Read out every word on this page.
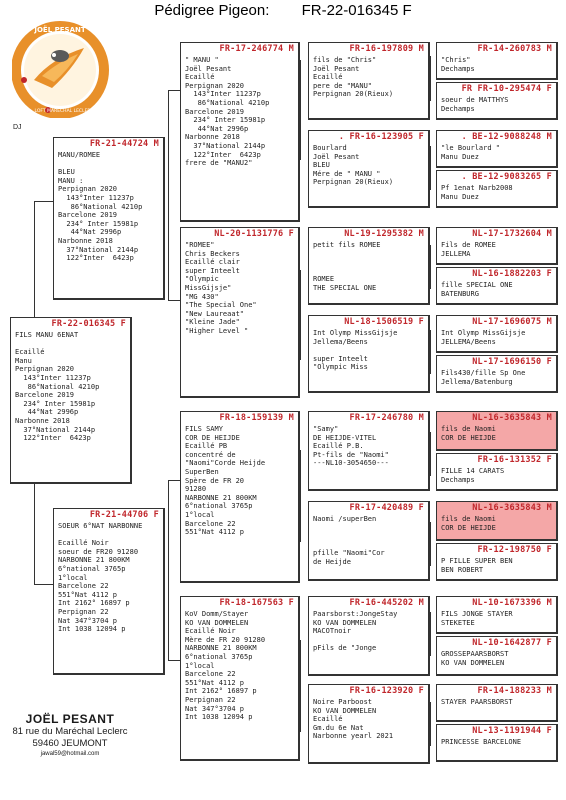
Pédigree Pigeon: FR-22-016345 F
JOËL PESANT
LOFT MARÉCHAL LECLERC
DJ
FR-22-016345 F
FILS MANU 6ENAT

Ecaillé
Manu
Perpignan 2020
143°Inter 11237p
86°National 4210p
Barcelone 2019
234° Inter 15981p
44°Nat 2996p
Narbonne 2018
37°National 2144p
122°Inter  6423p
FR-21-44724 M
MANU/ROMEE

BLEU
MANU :
Perpignan 2020
143°Inter 11237p
86°National 4210p
Barcelone 2019
234° Inter 15981p
44°Nat 2996p
Narbonne 2018
37°National 2144p
122°Inter  6423p
FR-21-44706 F
SOEUR 6°NAT NARBONNE

Ecaillé Noir
soeur de FR20 91280
NARBONNE 21 800KM
6°national 3765p
1°local
Barcelone 22
551°Nat 4112 p
Int 2162° 16897 p
Perpignan 22
Nat 347°3704 p
Int 1038 12094 p
FR-17-246774 M
" MANU "
Joël Pesant
Ecaillé
Perpignan 2020
143°Inter 11237p
86°National 4210p
Barcelone 2019
234° Inter 15981p
44°Nat 2996p
Narbonne 2018
37°National 2144p
122°Inter  6423p
frere de "MANU2"
NL-20-1131776 F
"ROMEE"
Chris Beckers
Ecaillé clair
super Inteelt
"Olympic
MissGijsje"
"MG 430"
"The Special One"
"New Laureaat"
"Kleine Jade"
"Higher Level "
FR-18-159139 M
FILS SAMY
COR DE HEIJDE
Ecaillé PB
concentré de
"Naomi"Corde Heijde
SuperBen
Spère de FR 20
91280
NARBONNE 21 800KM
6°national 3765p
1°local
Barcelone 22
551°Nat 4112 p
FR-18-167563 F
KoV Domm/Stayer
KO VAN DOMMELEN
Ecaillé Noir
Mère de FR 20 91280
NARBONNE 21 800KM
6°national 3765p
1°local
Barcelone 22
551°Nat 4112 p
Int 2162° 16897 p
Perpignan 22
Nat 347°3704 p
Int 1038 12094 p
FR-16-197809 M
fils de "Chris"
Joël Pesant
Ecaillé
pere de "MANU"
Perpignan 20(Rieux)
. FR-16-123905 F
Bourlard
Joël Pesant
BLEU
Mére de " MANU "
Perpignan 20(Rieux)
NL-19-1295382 M
petit fils ROMEE

ROMEE
THE SPECIAL ONE
NL-18-1506519 F
Int Olymp MissGijsje
Jellema/Beens

super Inteelt
"Olympic Miss
FR-17-246780 M
"Samy"
DE HEIJDE-VITEL
Ecaillé P.B.
Pt-fils de "Naomi"
---NL10-3054650---
FR-17-420489 F
Naomi /superBen

pfille "Naomi"Cor
de Heijde
FR-16-445202 M
Paarsborst:JongeStay
KO VAN DOMMELEN
MACOTnoir

pFils de "Jonge
FR-16-123920 F
Noire Parboost
KO VAN DOMMELEN
Ecaillé
Gm.du 6e Nat
Narbonne yearl 2021
FR-14-260783 M
"Chris"
Dechamps
FR FR-10-295474 F
soeur de MATTHYS
Dechamps
. BE-12-9088248 M
"le Bourlard "
Manu Duez
. BE-12-9083265 F
Pf 1enat Narb2008
Manu Duez
NL-17-1732604 M
Fils de ROMEE
JELLEMA
NL-16-1882203 F
fille SPECIAL ONE
BATENBURG
NL-17-1696075 M
Int Olymp MissGijsje
JELLEMA/Beens
NL-17-1696150 F
Fils430/fille Sp One
Jellema/Batenburg
NL-16-3635843 M
fils de Naomi
COR DE HEIJDE
FR-16-131352 F
FILLE 14 CARATS
Dechamps
NL-16-3635843 M
fils de Naomi
COR DE HEIJDE
FR-12-198750 F
P FILLE SUPER BEN
BEN ROBERT
NL-10-1673396 M
FILS JONGE STAYER
STEKETEE
NL-10-1642877 F
GROSSEPAARSBORST
KO VAN DOMMELEN
FR-14-188233 M
STAYER PAARSBORST
NL-13-1191944 F
PRINCESSE BARCELONE
JOËL PESANT
81 rue du Maréchal Leclerc
59460 JEUMONT
jawal59@hotmail.com
